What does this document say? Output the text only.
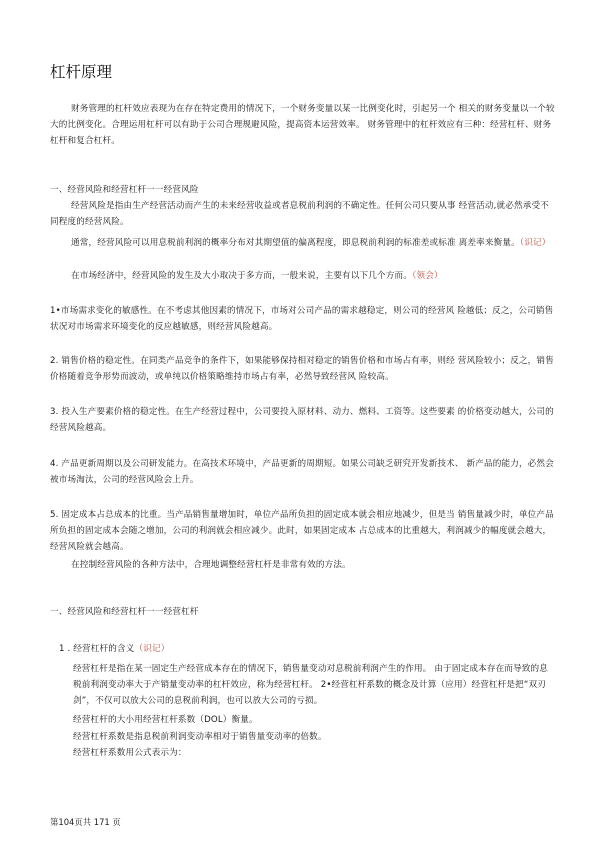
杠杆原理
财务管理的杠杆效应表现为在存在特定费用的情况下，一个财务变量以某一比例变化时，引起另一个 相关的财务变量以一个较大的比例变化。合理运用杠杆可以有助于公司合理规避风险，提高资本运营效率。 财务管理中的杠杆效应有三种：经营杠杆、财务杠杆和复合杠杆。
一、经营风险和经营杠杆一一经营风险
经营风险是指由生产经营活动而产生的未来经营收益或者息税前利润的不确定性。任何公司只要从事 经营活动,就必然承受不同程度的经营风险。
通常，经营风险可以用息税前利润的概率分布对其期望值的偏离程度，即息税前利润的标准差或标准 离差率来衡量。（识记）
在市场经济中，经营风险的发生及大小取决于多方而，一般来说，主要有以下几个方而。（领会）
1•市场需求变化的敏感性。在不考虑其他因素的情况下，市场对公司产品的需求越稳定，则公司的经营风 险越低；反之，公司销售状况对市场需求环境变化的反应越敏感，则经营风险越高。
2. 销售价格的稳定性。在同类产品竞争的条件下，如果能够保持相对稳定的销售价格和市场占有率，则经 营风险较小；反之，销售价格随着竞争形势而波动，或单纯以价格策略维持市场占有率，必然导致经营风 险较高。
3. 投入生产要素价格的稳定性。在生产经营过程中，公司要投入原材料、动力、燃料、工资等。这些要素 的价格变动越大，公司的经营风险越高。
4. 产品更新周期以及公司研发能力。在高技术环境中，产品更新的周期短。如果公司缺乏研究开发新技术、 新产品的能力，必然会被市场淘汰，公司的经营风险会上升。
5. 固定成本占总成本的比重。当产品销售量增加时，单位产品所负担的固定成本就会相应地减少，但是当 销售量减少时，单位产品所负担的固定成本会随之增加，公司的利润就会相应减少。此时，如果固定成本 占总成本的比重越大，利润减少的幅度就会越大，经营风险就会越高。
在控制经营风险的各种方法中，合理地调整经营杠杆是非常有效的方法。
一、经营风险和经营杠杆一一经营杠杆
1 . 经营杠杆的含义（识记）
经营杠杆是指在某一固定生产经营成本存在的情况下，销售量变动对息税前利润产生的作用。 由于固定成本存在而导致的息税前利润变动率大于产销量变动率的杠杆效应，称为经营杠杆。 2•经营杠杆系数的概念及计算（应用）经营杠杆是把“双刃剑”，不仅可以放大公司的息税前利润，也可以放大公司的亏损。
经营杠杆的大小用经营杠杆系数（DOL）衡量。
经营杠杆系数是指息税前利润变动率相对于销售量变动率的倍数。
经营杠杆系数用公式表示为：
第104页共 171 页
